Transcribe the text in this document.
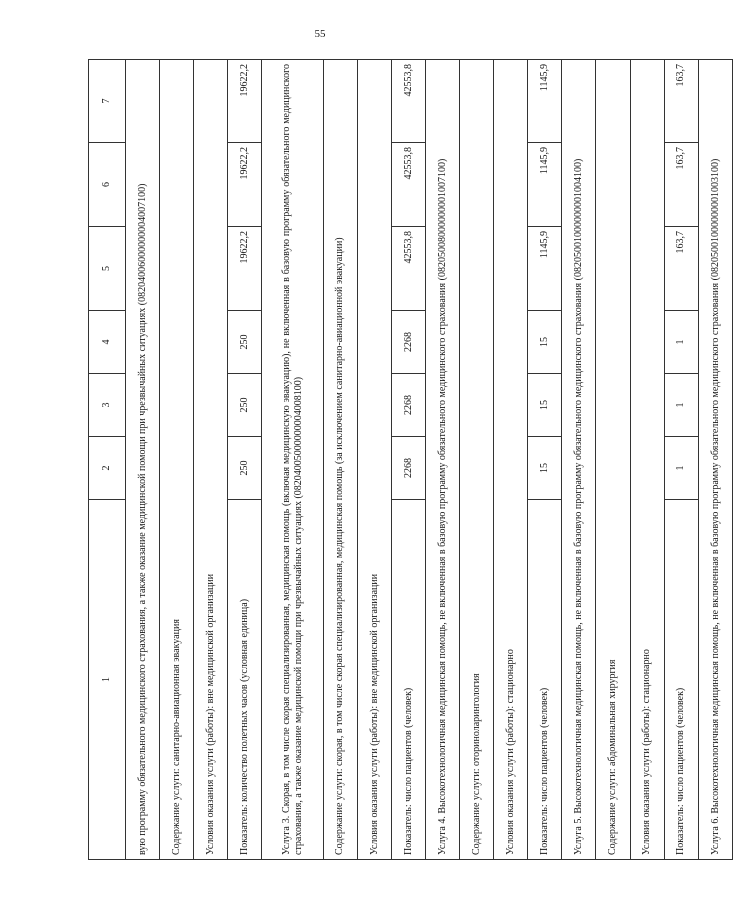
55
1	2	3	4	5	6	7
вую программу обязательного медицинского страхования, а также оказание медицинской помощи при чрезвычайных ситуациях (08204006000000004007100)						
Содержание услуги: санитарно-авиационная эвакуация						
Условия оказания услуги (работы): вне медицинской организации						
Показатель: количество полетных часов (условная единица)	250	250	250	19622,2	19622,2	19622,2
Услуга 3. Скорая, в том числе скорая специализированная, медицинская помощь (включая медицинскую эвакуацию), не включенная в базовую программу обязательного медицинского страхования, а также оказание медицинской помощи при чрезвычайных ситуациях (08204005000000004008100)						
Содержание услуги: скорая, в том числе скорая специализированная, медицинская помощь (за исключением санитарно-авиационной эвакуации)						
Условия оказания услуги (работы): вне медицинской организации						
Показатель: число пациентов (человек)	2268	2268	2268	42553,8	42553,8	42553,8
Услуга 4. Высокотехнологичная медицинская помощь, не включенная в базовую программу обязательного медицинского страхования (08205008000000001007100)						
Содержание услуги: оториноларингология						
Условия оказания услуги (работы): стационарно						
Показатель: число пациентов (человек)	15	15	15	1145,9	1145,9	1145,9
Услуга 5. Высокотехнологичная медицинская помощь, не включенная в базовую программу обязательного медицинского страхования (08205001000000001004100)						
Содержание услуги: абдоминальная хирургия						
Условия оказания услуги (работы): стационарно						
Показатель: число пациентов (человек)	1	1	1	163,7	163,7	163,7
Услуга 6. Высокотехнологичная медицинская помощь, не включенная в базовую программу обязательного медицинского страхования (08205001000000001003100)						
